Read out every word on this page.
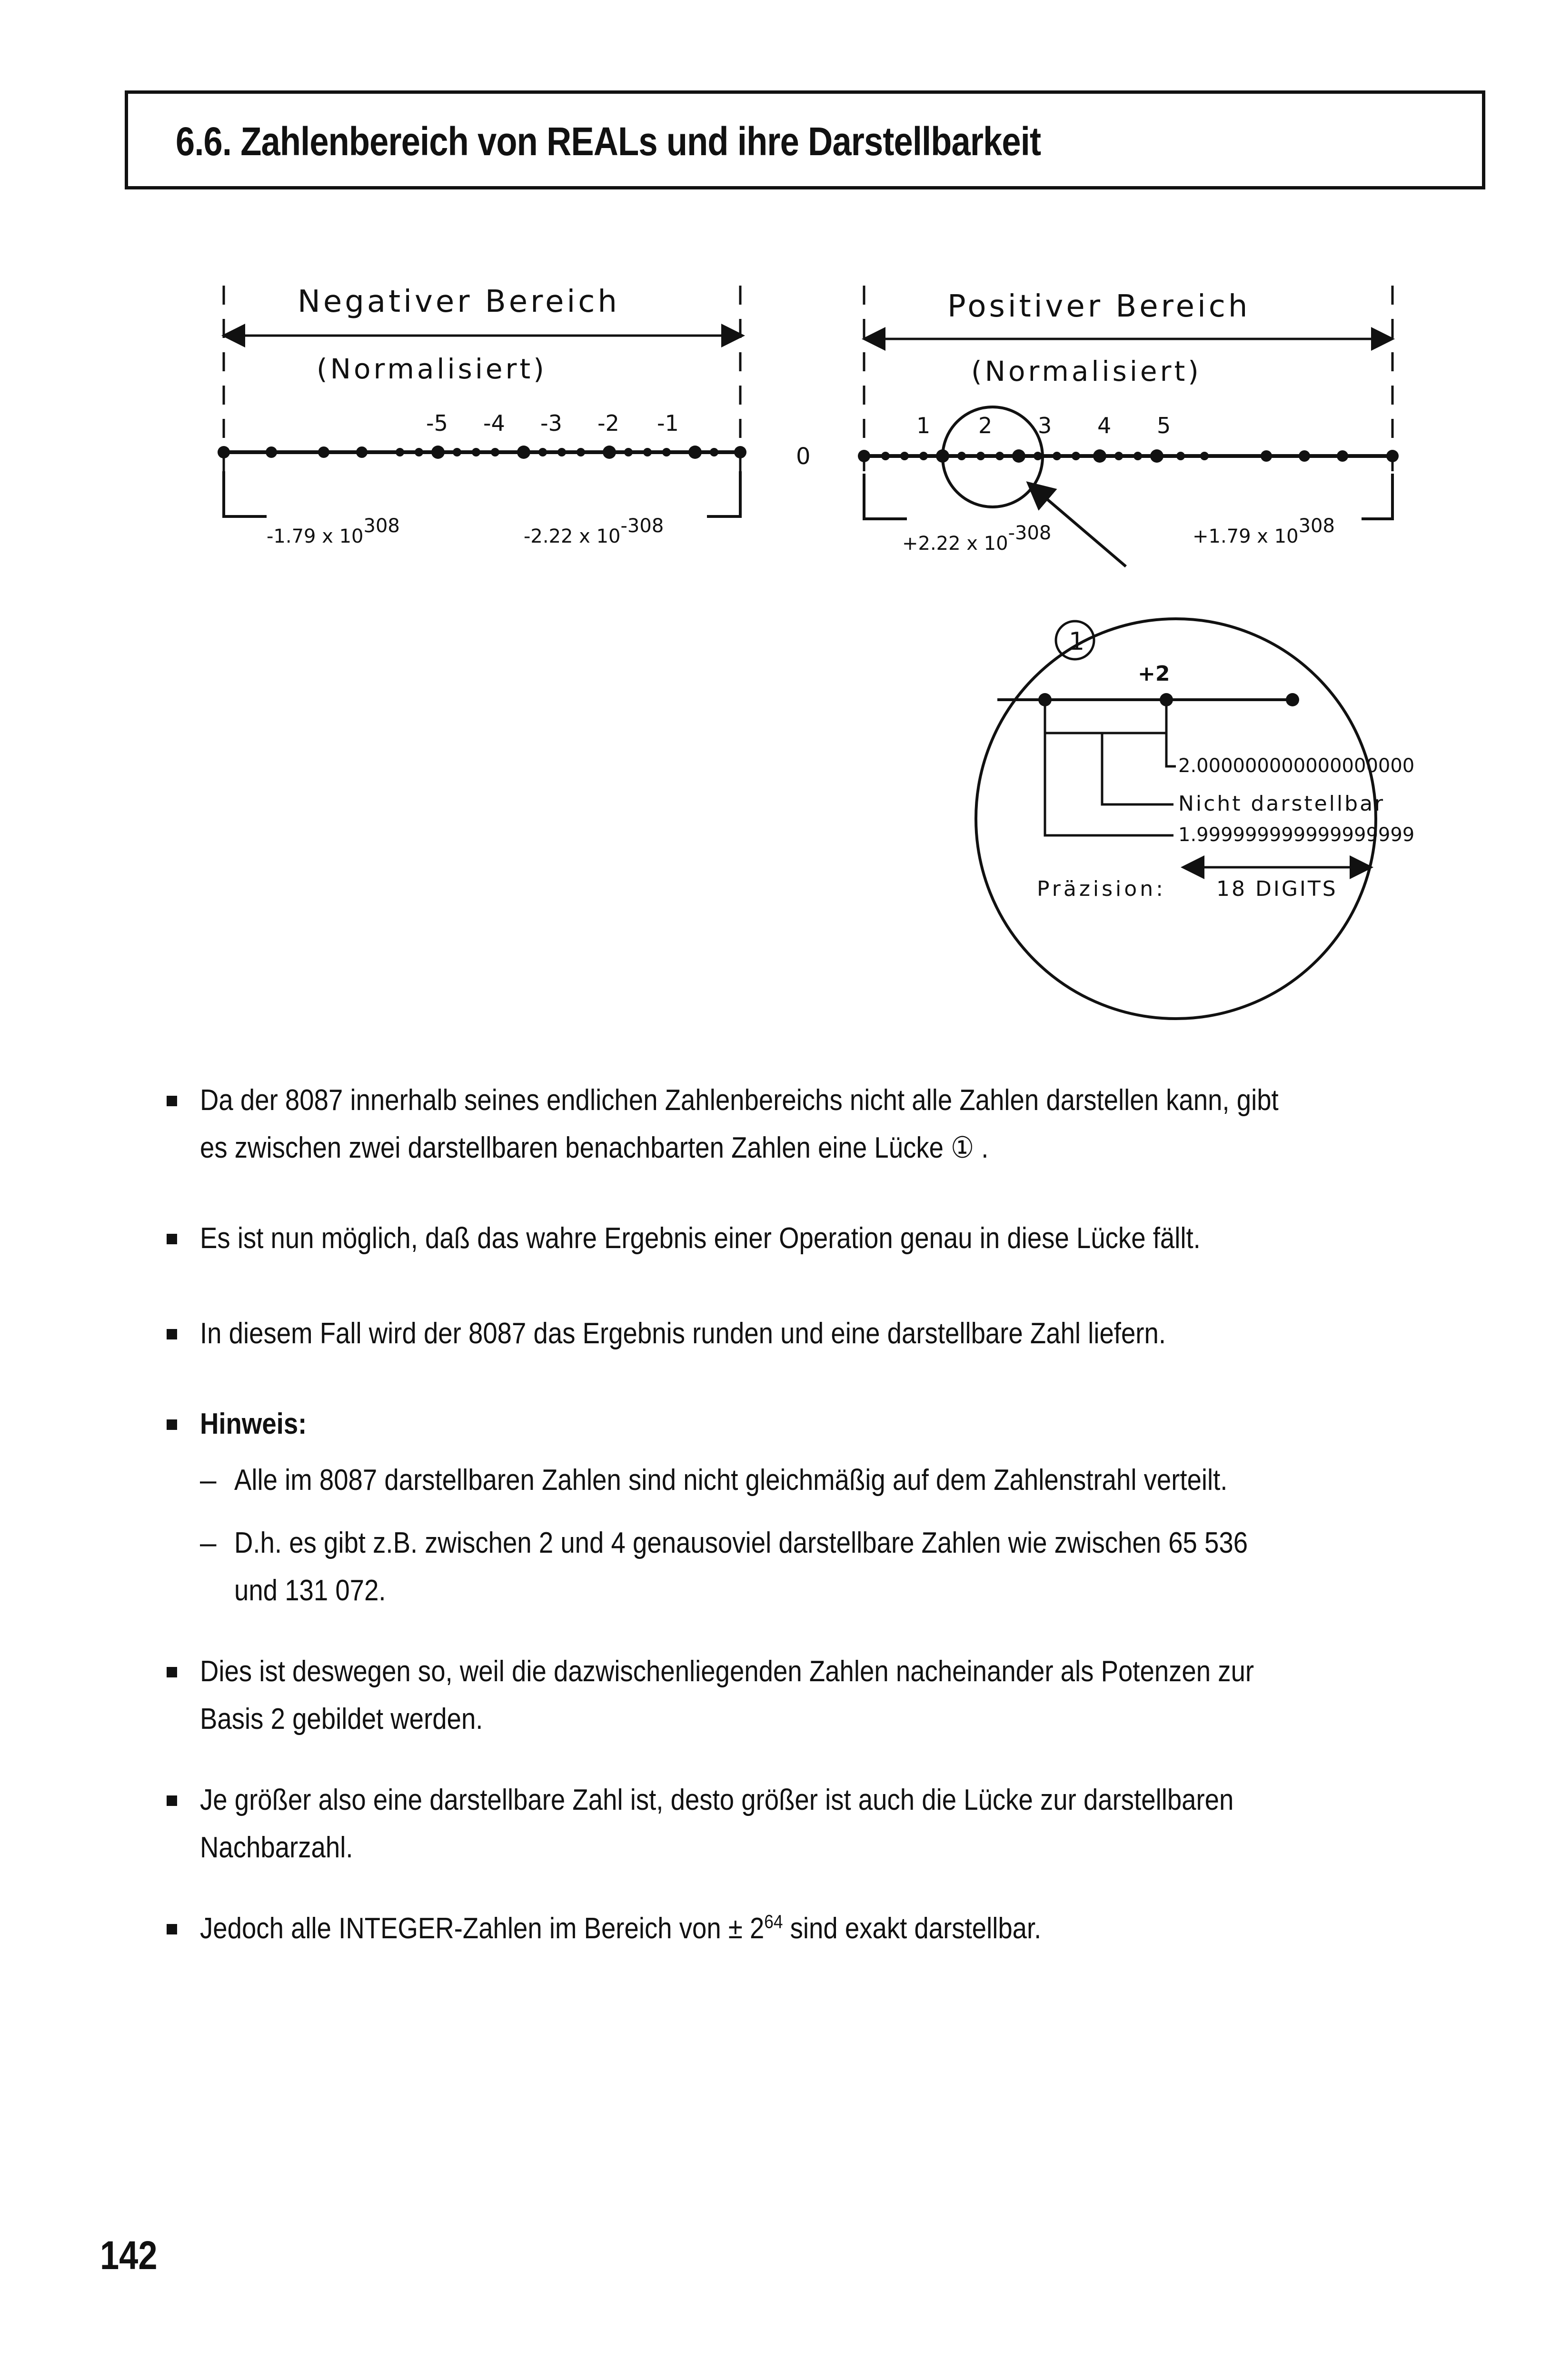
6.6. Zahlenbereich von REALs und ihre Darstellbarkeit
Negativer Bereich
(Normalisiert)
-5 -4 -3 -2 -1
-1.79 x 10308	-2.22 x 10-308
0
Positiver Bereich
(Normalisiert)
1 2 3 4 5
+2.22 x 10-308	+1.79 x 10308
1
+2
2.000000000000000000
Nicht darstellbar
1.999999999999999999
Präzision: 18 DIGITS
Da der 8087 innerhalb seines endlichen Zahlenbereichs nicht alle Zahlen darstellen kann, gibt
es zwischen zwei darstellbaren benachbarten Zahlen eine Lücke ① .
Es ist nun möglich, daß das wahre Ergebnis einer Operation genau in diese Lücke fällt.
In diesem Fall wird der 8087 das Ergebnis runden und eine darstellbare Zahl liefern.
Hinweis:
– Alle im 8087 darstellbaren Zahlen sind nicht gleichmäßig auf dem Zahlenstrahl verteilt.
– D.h. es gibt z.B. zwischen 2 und 4 genausoviel darstellbare Zahlen wie zwischen 65 536
und 131 072.
Dies ist deswegen so, weil die dazwischenliegenden Zahlen nacheinander als Potenzen zur
Basis 2 gebildet werden.
Je größer also eine darstellbare Zahl ist, desto größer ist auch die Lücke zur darstellbaren
Nachbarzahl.
Jedoch alle INTEGER-Zahlen im Bereich von ± $2^{64}$ sind exakt darstellbar.
142
